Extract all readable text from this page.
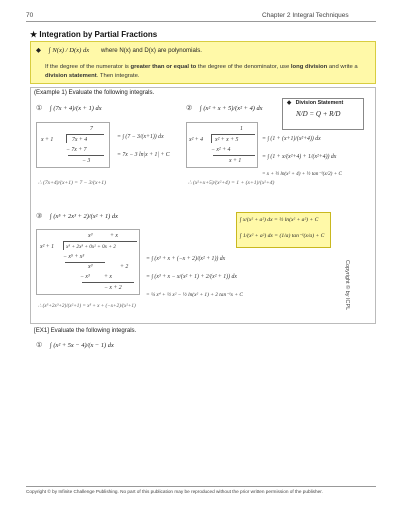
70	Chapter 2 Integral Techniques
★ Integration by Partial Fractions
◆ ∫ N(x) / D(x) dx where N(x) and D(x) are polynomials.
If the degree of the numerator is greater than or equal to the degree of the denominator, use long division and write a division statement. Then integrate.
(Example 1) Evaluate the following integrals.
① ∫ (7x + 4)/(x + 1) dx
7
x + 1	7x + 4
− 7x + 7
− 3
∴ (7x+4)/(x+1) = 7 − 3/(x+1)
= ∫ (7 − 3/(x+1)) dx
= 7x − 3 ln|x + 1| + C
② ∫ (x² + x + 5)/(x² + 4) dx
1
x² + 4 x² + x + 5
− x² + 4
x + 1
∴ (x²+x+5)/(x²+4) = 1 + (x+1)/(x²+4)
= ∫ (1 + (x+1)/(x²+4)) dx
= ∫ (1 + x/(x²+4) + 1/(x²+4)) dx
= x + ½ ln(x² + 4) + ½ tan⁻¹(x/2) + C
◆ Division Statement
N/D = Q + R/D
③ ∫ (x⁵ + 2x³ + 2)/(x² + 1) dx
x³	+ x
x² + 1 x⁵ + 2x³ + 0x² + 0x + 2
− x⁵ + x³
x³	+ 2
− x³ + x
− x + 2
∴ (x⁵+2x³+2)/(x²+1) = x³ + x + (−x+2)/(x²+1)
= ∫ (x³ + x + (−x + 2)/(x² + 1)) dx
= ∫ (x³ + x − x/(x² + 1) + 2/(x² + 1)) dx
= ¼ x⁴ + ½ x² − ½ ln(x² + 1) + 2 tan⁻¹x + C
∫ x/(x² + a²) dx = ½ ln(x² + a²) + C
∫ 1/(x² + a²) dx = (1/a) tan⁻¹(x/a) + C
Copyright © by ICPL
[EX1] Evaluate the following integrals.
① ∫ (x² + 5x − 4)/(x − 1) dx
Copyright © by Infinite Challenge Publishing. No part of this publication may be reproduced without the prior written permission of the publisher.
